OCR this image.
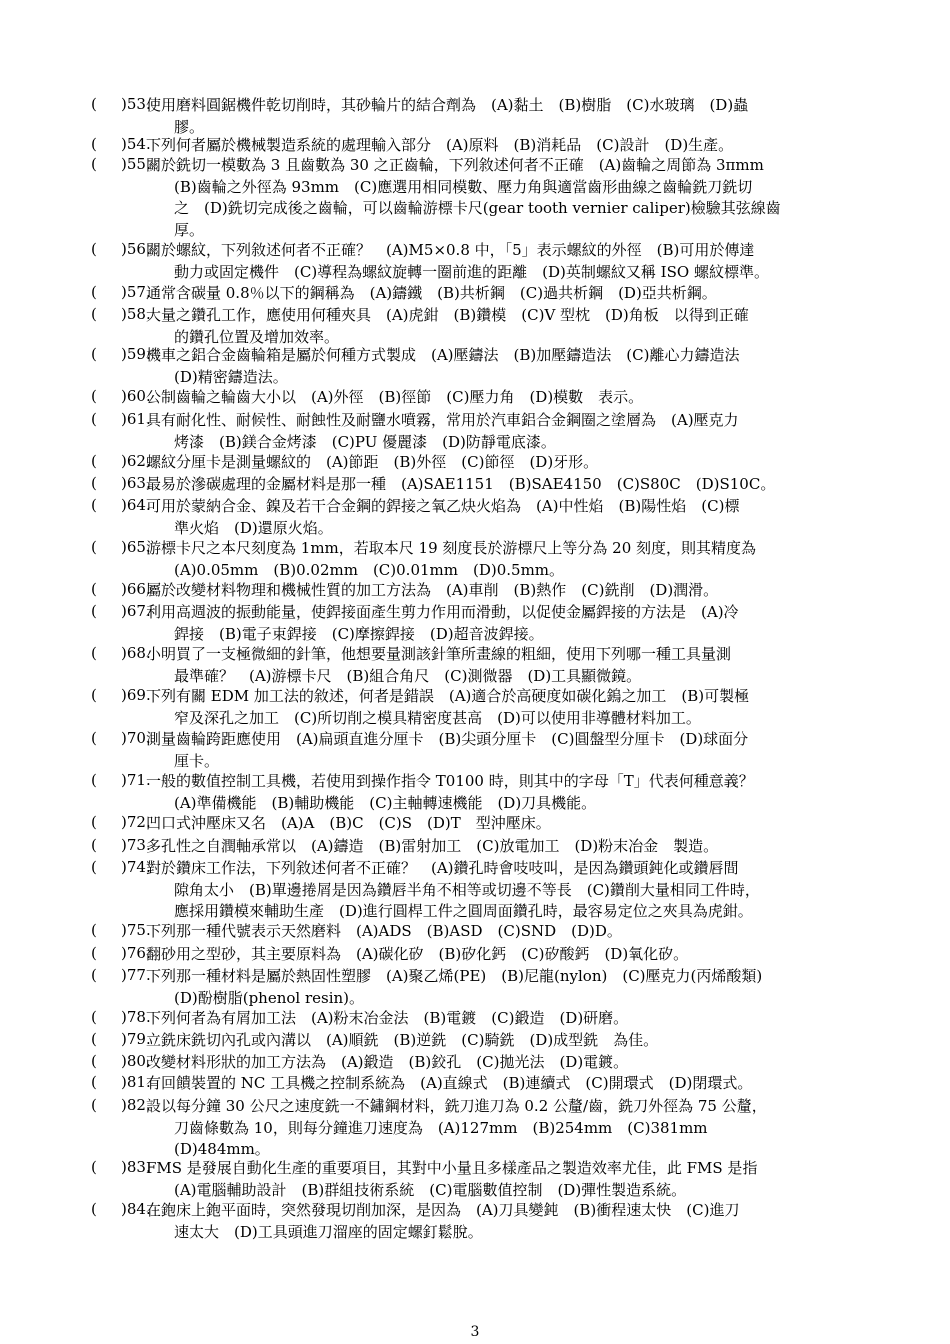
(	)53.
使用磨料圓鋸機件乾切削時，其砂輪片的結合劑為　(A)黏土　(B)樹脂　(C)水玻璃　(D)蟲
膠。
(	)54.
下列何者屬於機械製造系統的處理輸入部分　(A)原料　(B)消耗品　(C)設計　(D)生產。
(	)55.
關於銑切一模數為 3 且齒數為 30 之正齒輪，下列敘述何者不正確　(A)齒輪之周節為 3πmm
(B)齒輪之外徑為 93mm　(C)應選用相同模數、壓力角與適當齒形曲線之齒輪銑刀銑切
之　(D)銑切完成後之齒輪，可以齒輪游標卡尺(gear tooth vernier caliper)檢驗其弦線齒
厚。
(	)56.
關於螺紋，下列敘述何者不正確？　(A)M5×0.8 中，「5」表示螺紋的外徑　(B)可用於傳達
動力或固定機件　(C)導程為螺紋旋轉一圈前進的距離　(D)英制螺紋又稱 ISO 螺紋標準。
(	)57.
通常含碳量 0.8％以下的鋼稱為　(A)鑄鐵　(B)共析鋼　(C)過共析鋼　(D)亞共析鋼。
(	)58.
大量之鑽孔工作，應使用何種夾具　(A)虎鉗　(B)鑽模　(C)V 型枕　(D)角板　以得到正確
的鑽孔位置及增加效率。
(	)59.
機車之鋁合金齒輪箱是屬於何種方式製成　(A)壓鑄法　(B)加壓鑄造法　(C)離心力鑄造法
(D)精密鑄造法。
(	)60.
公制齒輪之輪齒大小以　(A)外徑　(B)徑節　(C)壓力角　(D)模數　表示。
(	)61.
具有耐化性、耐候性、耐蝕性及耐鹽水噴霧，常用於汽車鋁合金鋼圈之塗層為　(A)壓克力
烤漆　(B)鎂合金烤漆　(C)PU 優麗漆　(D)防靜電底漆。
(	)62.
螺紋分厘卡是測量螺紋的　(A)節距　(B)外徑　(C)節徑　(D)牙形。
(	)63.
最易於滲碳處理的金屬材料是那一種　(A)SAE1151　(B)SAE4150　(C)S80C　(D)S10C。
(	)64.
可用於蒙納合金、鎳及若干合金鋼的銲接之氧乙炔火焰為　(A)中性焰　(B)陽性焰　(C)標
準火焰　(D)還原火焰。
(	)65.
游標卡尺之本尺刻度為 1mm，若取本尺 19 刻度長於游標尺上等分為 20 刻度，則其精度為
(A)0.05mm　(B)0.02mm　(C)0.01mm　(D)0.5mm。
(	)66.
屬於改變材料物理和機械性質的加工方法為　(A)車削　(B)熱作　(C)銑削　(D)潤滑。
(	)67.
利用高週波的振動能量，使銲接面產生剪力作用而滑動，以促使金屬銲接的方法是　(A)冷
銲接　(B)電子束銲接　(C)摩擦銲接　(D)超音波銲接。
(	)68.
小明買了一支極微細的針筆，他想要量測該針筆所畫線的粗細，使用下列哪一種工具量測
最準確？　(A)游標卡尺　(B)組合角尺　(C)測微器　(D)工具顯微鏡。
(	)69.
下列有關 EDM 加工法的敘述，何者是錯誤　(A)適合於高硬度如碳化鎢之加工　(B)可製極
窄及深孔之加工　(C)所切削之模具精密度甚高　(D)可以使用非導體材料加工。
(	)70.
測量齒輪跨距應使用　(A)扁頭直進分厘卡　(B)尖頭分厘卡　(C)圓盤型分厘卡　(D)球面分
厘卡。
(	)71.
一般的數值控制工具機，若使用到操作指令 T0100 時，則其中的字母「T」代表何種意義？
(A)準備機能　(B)輔助機能　(C)主軸轉速機能　(D)刀具機能。
(	)72.
凹口式沖壓床又名　(A)A　(B)C　(C)S　(D)T　型沖壓床。
(	)73.
多孔性之自潤軸承常以　(A)鑄造　(B)雷射加工　(C)放電加工　(D)粉末冶金　製造。
(	)74.
對於鑽床工作法，下列敘述何者不正確？　(A)鑽孔時會吱吱叫，是因為鑽頭鈍化或鑽唇間
隙角太小　(B)單邊捲屑是因為鑽唇半角不相等或切邊不等長　(C)鑽削大量相同工件時，
應採用鑽模來輔助生產　(D)進行圓桿工件之圓周面鑽孔時，最容易定位之夾具為虎鉗。
(	)75.
下列那一種代號表示天然磨料　(A)ADS　(B)ASD　(C)SND　(D)D。
(	)76.
翻砂用之型砂，其主要原料為　(A)碳化矽　(B)矽化鈣　(C)矽酸鈣　(D)氧化矽。
(	)77.
下列那一種材料是屬於熱固性塑膠　(A)聚乙烯(PE)　(B)尼龍(nylon)　(C)壓克力(丙烯酸類)
(D)酚樹脂(phenol resin)。
(	)78.
下列何者為有屑加工法　(A)粉末冶金法　(B)電鍍　(C)鍛造　(D)研磨。
(	)79.
立銑床銑切內孔或內溝以　(A)順銑　(B)逆銑　(C)騎銑　(D)成型銑　為佳。
(	)80.
改變材料形狀的加工方法為　(A)鍛造　(B)鉸孔　(C)拋光法　(D)電鍍。
(	)81.
有回饋裝置的 NC 工具機之控制系統為　(A)直線式　(B)連續式　(C)開環式　(D)閉環式。
(	)82.
設以每分鐘 30 公尺之速度銑一不鏽鋼材料，銑刀進刀為 0.2 公釐/齒，銑刀外徑為 75 公釐，
刀齒條數為 10，則每分鐘進刀速度為　(A)127mm　(B)254mm　(C)381mm
(D)484mm。
(	)83.
FMS 是發展自動化生產的重要項目，其對中小量且多樣產品之製造效率尤佳，此 FMS 是指
(A)電腦輔助設計　(B)群組技術系統　(C)電腦數值控制　(D)彈性製造系統。
(	)84.
在鉋床上鉋平面時，突然發現切削加深，是因為　(A)刀具變鈍　(B)衝程速太快　(C)進刀
速太大　(D)工具頭進刀溜座的固定螺釘鬆脫。
3
